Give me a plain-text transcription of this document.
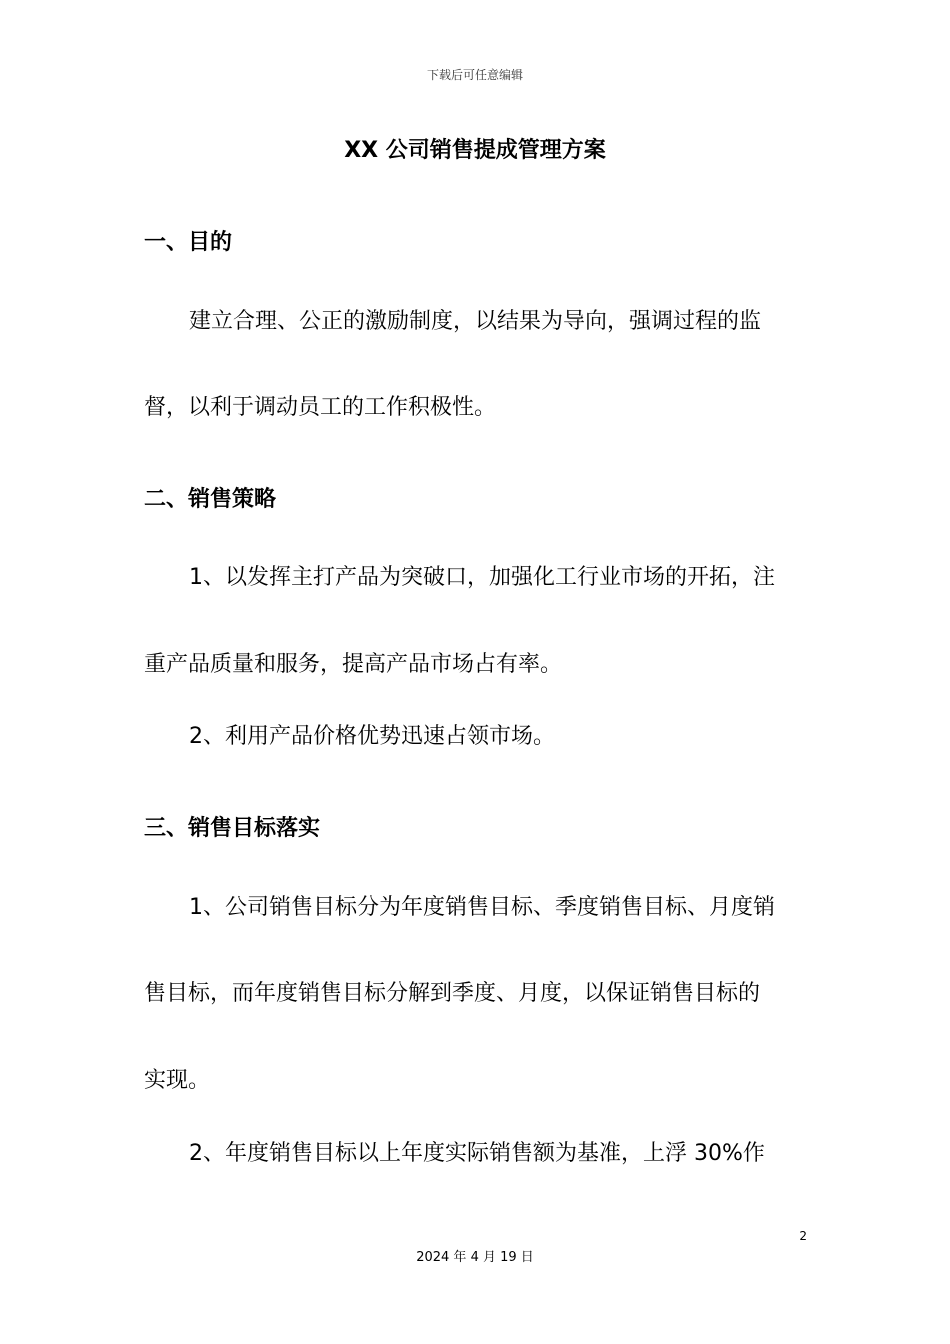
下载后可任意编辑
XX 公司销售提成管理方案

一、目的

建立合理、公正的激励制度，以结果为导向，强调过程的监

督，以利于调动员工的工作积极性。

二、销售策略

1、以发挥主打产品为突破口，加强化工行业市场的开拓，注

重产品质量和服务，提高产品市场占有率。

2、利用产品价格优势迅速占领市场。

三、销售目标落实

1、公司销售目标分为年度销售目标、季度销售目标、月度销

售目标，而年度销售目标分解到季度、月度，以保证销售目标的

实现。

2、年度销售目标以上年度实际销售额为基准，上浮 30%作

2
2024 年 4 月 19 日
